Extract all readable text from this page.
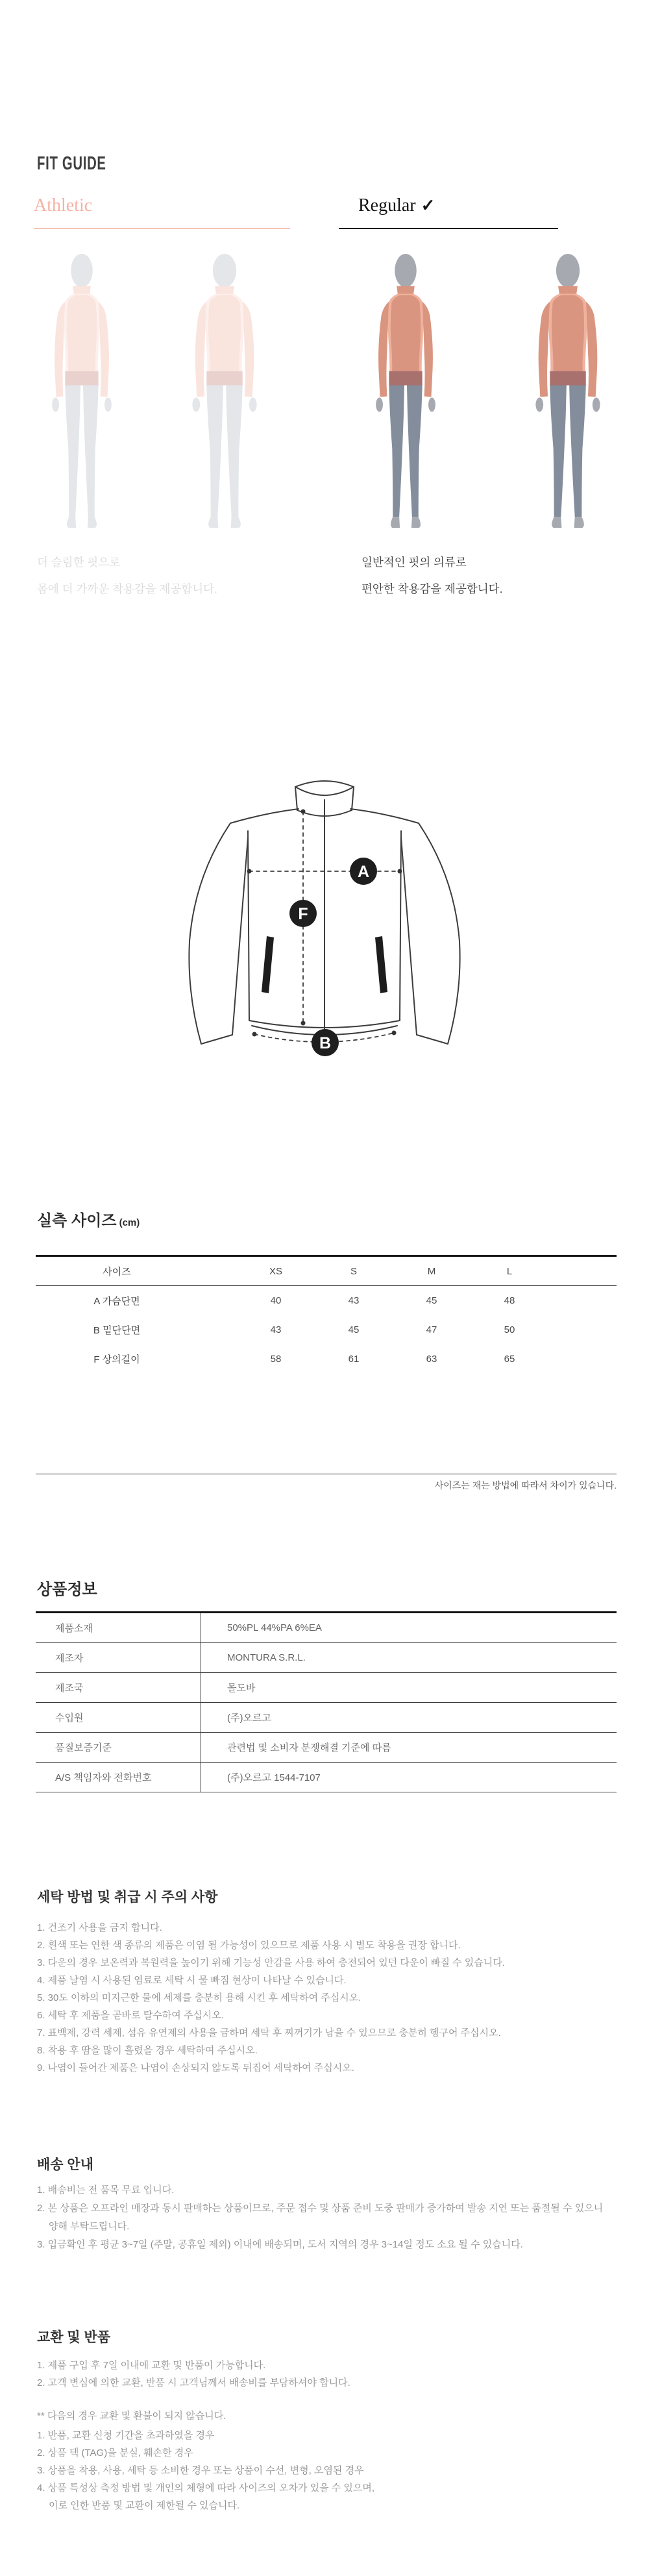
FIT GUIDE
Athletic	Regular ✓
더 슬림한 핏으로
몸에 더 가까운 착용감을 제공합니다.
일반적인 핏의 의류로
편안한 착용감을 제공합니다.
A
F
B
실측 사이즈 (cm)
사이즈	XS	S	M	L
A 가슴단면	40	43	45	48
B 밑단단면	43	45	47	50
F 상의길이	58	61	63	65
사이즈는 재는 방법에 따라서 차이가 있습니다.
상품정보
제품소재	50%PL 44%PA 6%EA
제조자	MONTURA S.R.L.
제조국	몰도바
수입원	(주)오르고
품질보증기준	관련법 및 소비자 분쟁해결 기준에 따름
A/S 책임자와 전화번호	(주)오르고 1544-7107
세탁 방법 및 취급 시 주의 사항
1. 건조기 사용을 금지 합니다.
2. 흰색 또는 연한 색 종류의 제품은 이염 될 가능성이 있으므로 제품 사용 시 별도 착용을 권장 합니다.
3. 다운의 경우 보온력과 복원력을 높이기 위해 기능성 안감을 사용 하여 충전되어 있던 다운이 빠질 수 있습니다.
4. 제품 날염 시 사용된 염료로 세탁 시 물 빠짐 현상이 나타날 수 있습니다.
5. 30도 이하의 미지근한 물에 세제를 충분히 용해 시킨 후 세탁하여 주십시오.
6. 세탁 후 제품을 곧바로 탈수하여 주십시오.
7. 표백제, 강력 세제, 섬유 유연제의 사용을 금하며 세탁 후 찌꺼기가 남을 수 있으므로 충분히 헹구어 주십시오.
8. 착용 후 땀을 많이 흘렸을 경우 세탁하여 주십시오.
9. 나염이 들어간 제품은 나염이 손상되지 않도록 뒤집어 세탁하여 주십시오.
배송 안내
1. 배송비는 전 품목 무료 입니다.
2. 본 상품은 오프라인 매장과 동시 판매하는 상품이므로, 주문 접수 및 상품 준비 도중 판매가 증가하여 발송 지연 또는 품절될 수 있으니
양해 부탁드립니다.
3. 입금확인 후 평균 3~7일 (주말, 공휴일 제외) 이내에 배송되며, 도서 지역의 경우 3~14일 정도 소요 될 수 있습니다.
교환 및 반품
1. 제품 구입 후 7일 이내에 교환 및 반품이 가능합니다.
2. 고객 변심에 의한 교환, 반품 시 고객님께서 배송비를 부담하셔야 합니다.
** 다음의 경우 교환 및 환불이 되지 않습니다.
1. 반품, 교환 신청 기간을 초과하였을 경우
2. 상품 텍 (TAG)을 분실, 훼손한 경우
3. 상품을 착용, 사용, 세탁 등 소비한 경우 또는 상품이 수선, 변형, 오염된 경우
4. 상품 특성상 측정 방법 및 개인의 체형에 따라 사이즈의 오차가 있을 수 있으며,
이로 인한 반품 및 교환이 제한될 수 있습니다.
